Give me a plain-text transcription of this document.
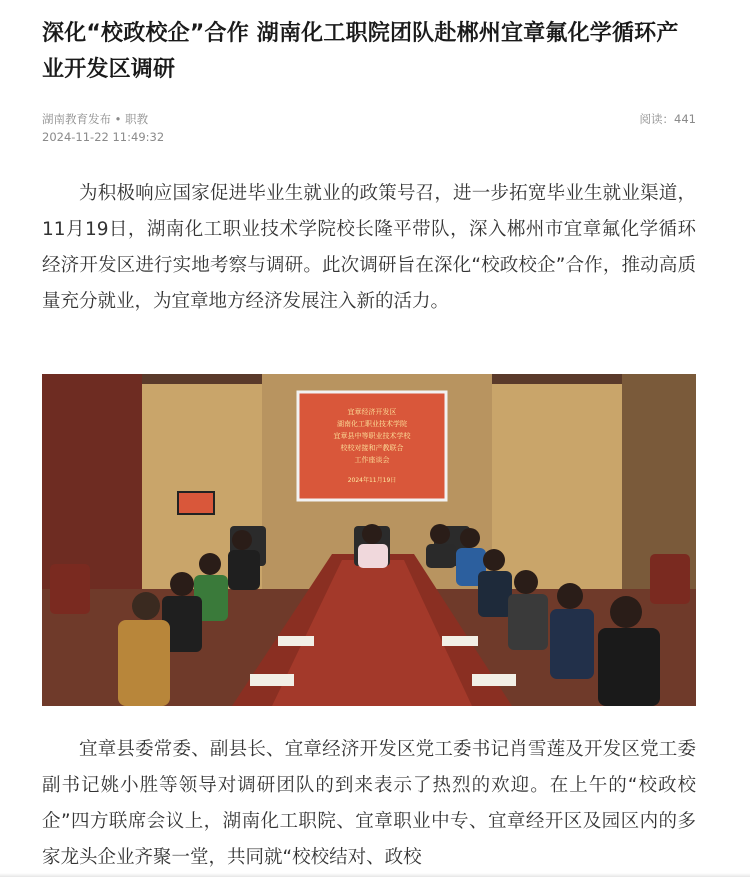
深化“校政校企”合作 湖南化工职院团队赴郴州宜章氟化学循环产业开发区调研
湖南教育发布 • 职教
2024-11-22 11:49:32
阅读：441

为积极响应国家促进毕业生就业的政策号召，进一步拓宽毕业生就业渠道，11月19日，湖南化工职业技术学院校长隆平带队，深入郴州市宜章氟化学循环经济开发区进行实地考察与调研。此次调研旨在深化“校政校企”合作，推动高质量充分就业，为宜章地方经济发展注入新的活力。

宜章经济开发区
湖南化工职业技术学院
宜章县中等职业技术学校
校校对接和产教联合
工作座谈会
2024年11月19日

宜章县委常委、副县长、宜章经济开发区党工委书记肖雪莲及开发区党工委副书记姚小胜等领导对调研团队的到来表示了热烈的欢迎。在上午的“校政校企”四方联席会议上，湖南化工职院、宜章职业中专、宜章经开区及园区内的多家龙头企业齐聚一堂，共同就“校校结对、政校
